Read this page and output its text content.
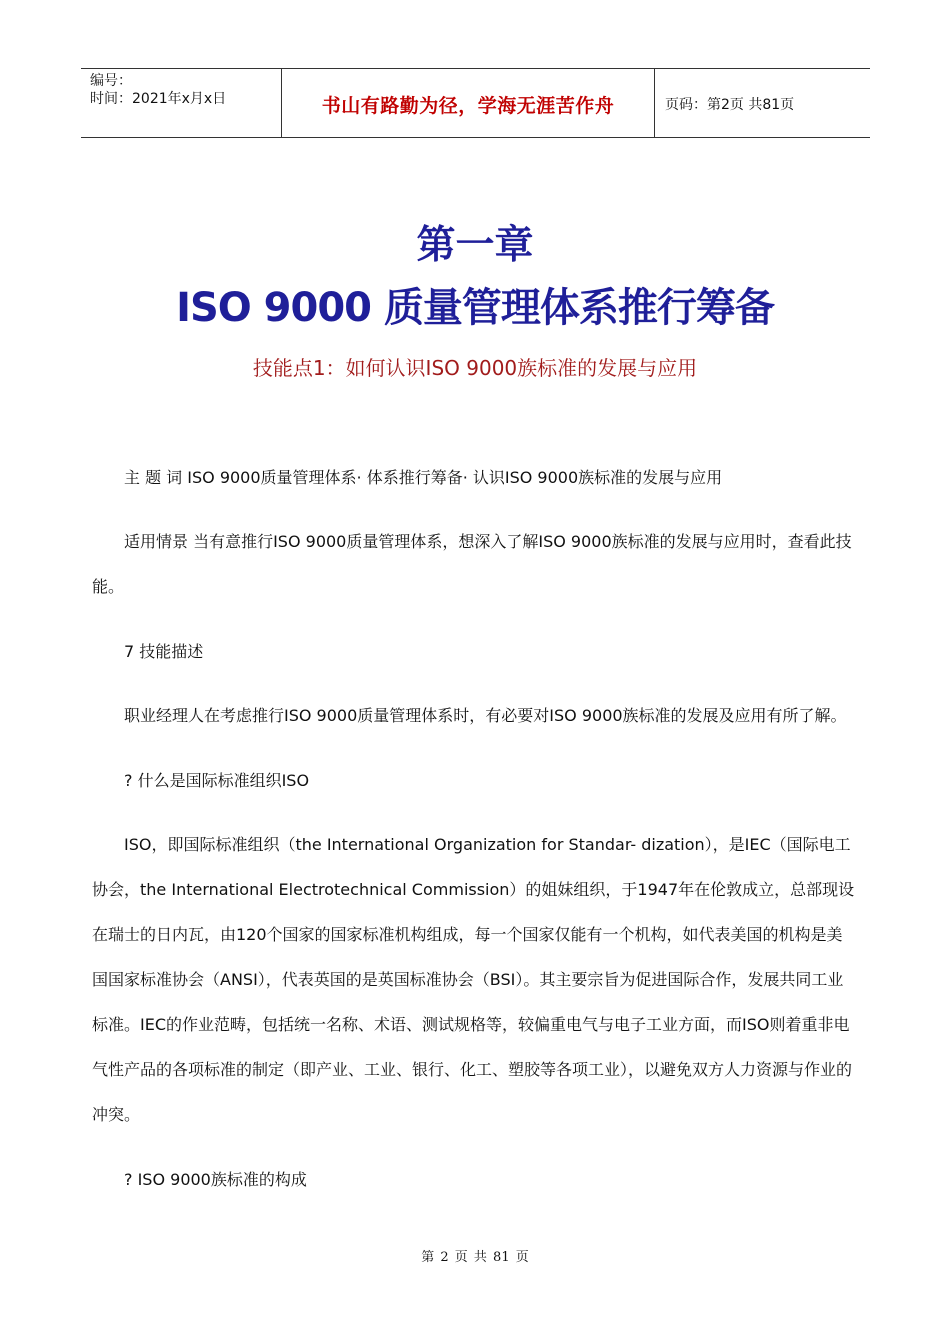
编号：
时间：2021年x月x日	书山有路勤为径，学海无涯苦作舟	页码：第2页 共81页
第一章
ISO 9000 质量管理体系推行筹备
技能点1：如何认识ISO 9000族标准的发展与应用

主 题 词 ISO 9000质量管理体系· 体系推行筹备· 认识ISO 9000族标准的发展与应用

适用情景 当有意推行ISO 9000质量管理体系，想深入了解ISO 9000族标准的发展与应用时，查看此技能。

7 技能描述

职业经理人在考虑推行ISO 9000质量管理体系时，有必要对ISO 9000族标准的发展及应用有所了解。

? 什么是国际标准组织ISO

ISO，即国际标准组织（the International Organization for Standar- dization），是IEC（国际电工协会，the International Electrotechnical Commission）的姐妹组织，于1947年在伦敦成立，总部现设在瑞士的日内瓦，由120个国家的国家标准机构组成，每一个国家仅能有一个机构，如代表美国的机构是美国国家标准协会（ANSI），代表英国的是英国标准协会（BSI）。其主要宗旨为促进国际合作，发展共同工业标准。IEC的作业范畴，包括统一名称、术语、测试规格等，较偏重电气与电子工业方面，而ISO则着重非电气性产品的各项标准的制定（即产业、工业、银行、化工、塑胶等各项工业），以避免双方人力资源与作业的冲突。

? ISO 9000族标准的构成

第 2 页 共 81 页
